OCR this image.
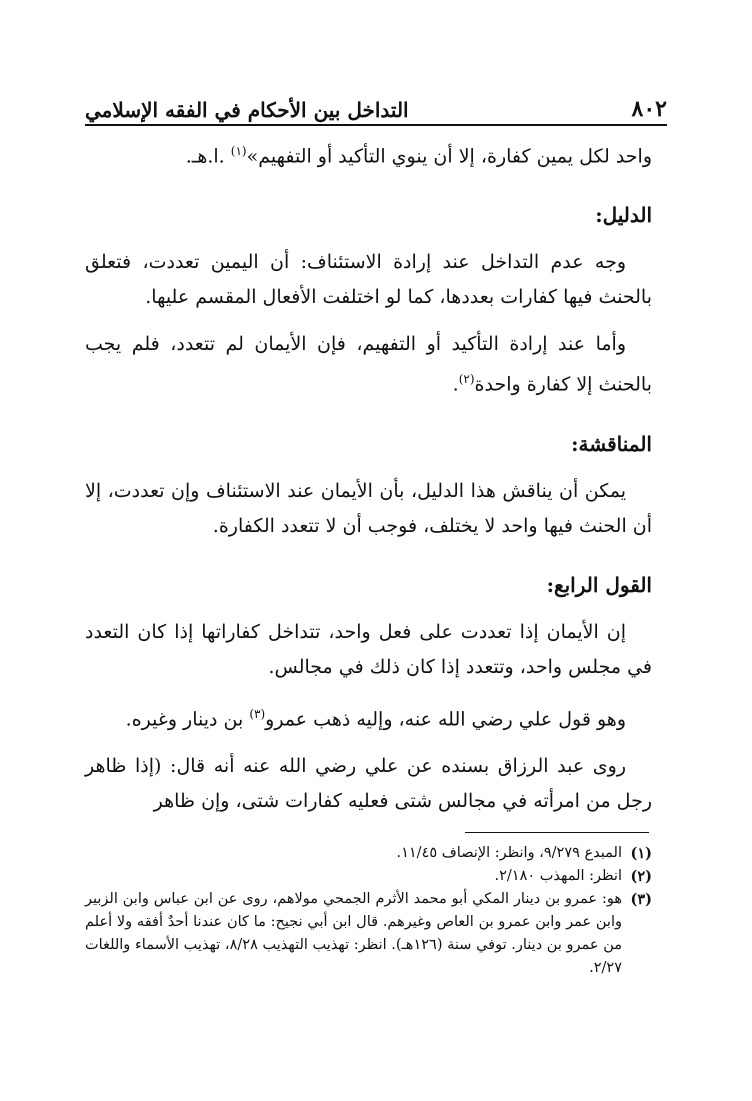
٨٠٢
التداخل بين الأحكام في الفقه الإسلامي

واحد لكل يمين كفارة، إلا أن ينوي التأكيد أو التفهيم»$^{(١)}$ .ا.هـ.

الدليل:

وجه عدم التداخل عند إرادة الاستئناف: أن اليمين تعددت، فتعلق بالحنث فيها كفارات بعددها، كما لو اختلفت الأفعال المقسم عليها.

وأما عند إرادة التأكيد أو التفهيم، فإن الأيمان لم تتعدد، فلم يجب بالحنث إلا كفارة واحدة$^{(٢)}$.

المناقشة:

يمكن أن يناقش هذا الدليل، بأن الأيمان عند الاستئناف وإن تعددت، إلا أن الحنث فيها واحد لا يختلف، فوجب أن لا تتعدد الكفارة.

القول الرابع:

إن الأيمان إذا تعددت على فعل واحد، تتداخل كفاراتها إذا كان التعدد في مجلس واحد، وتتعدد إذا كان ذلك في مجالس.

وهو قول علي رضي الله عنه، وإليه ذهب عمرو$^{(٣)}$ بن دينار وغيره.

روى عبد الرزاق بسنده عن علي رضي الله عنه أنه قال: (إذا ظاهر رجل من امرأته في مجالس شتى فعليه كفارات شتى، وإن ظاهر

(١)
المبدع ٩/٢٧٩، وانظر: الإنصاف ١١/٤٥.
(٢)
انظر: المهذب ٢/١٨٠.
(٣)
هو: عمرو بن دينار المكي أبو محمد الأثرم الجمحي مولاهم، روى عن ابن عباس وابن الزبير وابن عمر وابن عمرو بن العاص وغيرهم. قال ابن أبي نجيح: ما كان عندنا أحدٌ أفقه ولا أعلم من عمرو بن دينار. توفي سنة (١٢٦هـ). انظر: تهذيب التهذيب ٨/٢٨، تهذيب الأسماء واللغات ٢/٢٧.
